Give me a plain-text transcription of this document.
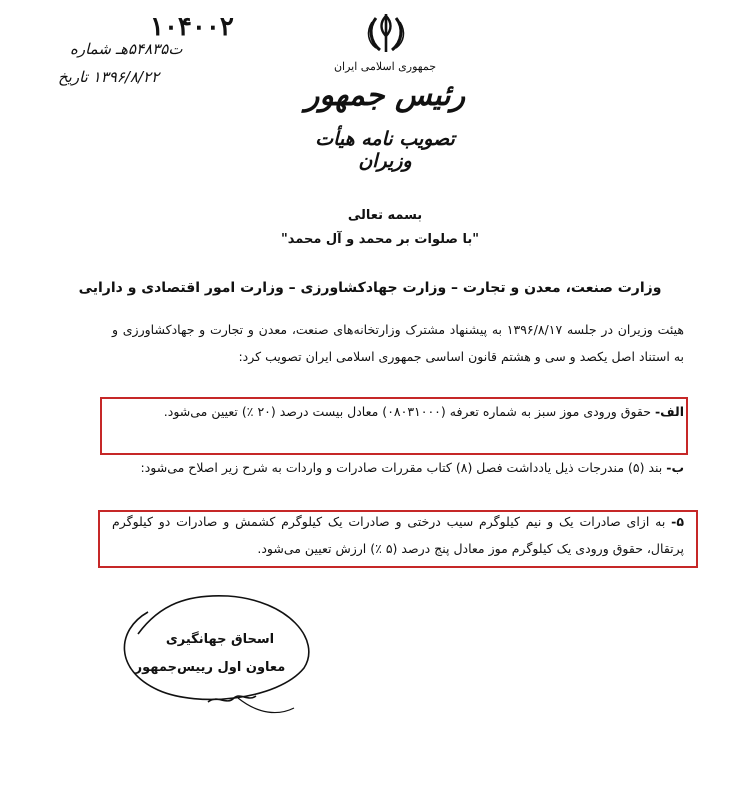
۱۰۴۰۰۲
ت۵۴۸۳۵هـ شماره
۱۳۹۶/۸/۲۲ تاریخ
جمهوری اسلامی ایران
رئیس جمهور
تصویب نامه هیأت وزیران
بسمه تعالی
"با صلوات بر محمد و آل محمد"
وزارت صنعت، معدن و تجارت – وزارت جهادکشاورزی – وزارت امور اقتصادی و دارایی
هیئت وزیران در جلسه ۱۳۹۶/۸/۱۷ به پیشنهاد مشترک وزارتخانه‌های صنعت، معدن و تجارت و جهادکشاورزی و به استناد اصل یکصد و سی و هشتم قانون اساسی جمهوری اسلامی ایران تصویب کرد:
الف- حقوق ورودی موز سبز به شماره تعرفه (۰۸۰۳۱۰۰۰) معادل بیست درصد (۲۰ ٪) تعیین می‌شود.
ب- بند (۵) مندرجات ذیل یادداشت فصل (۸) کتاب مقررات صادرات و واردات به شرح زیر اصلاح می‌شود:
۵- به ازای صادرات یک و نیم کیلوگرم سیب درختی و صادرات یک کیلوگرم کشمش و صادرات دو کیلوگرم پرتقال، حقوق ورودی یک کیلوگرم موز معادل پنج درصد (۵ ٪) ارزش تعیین می‌شود.
اسحاق جهانگیری
معاون اول رییس‌جمهور
